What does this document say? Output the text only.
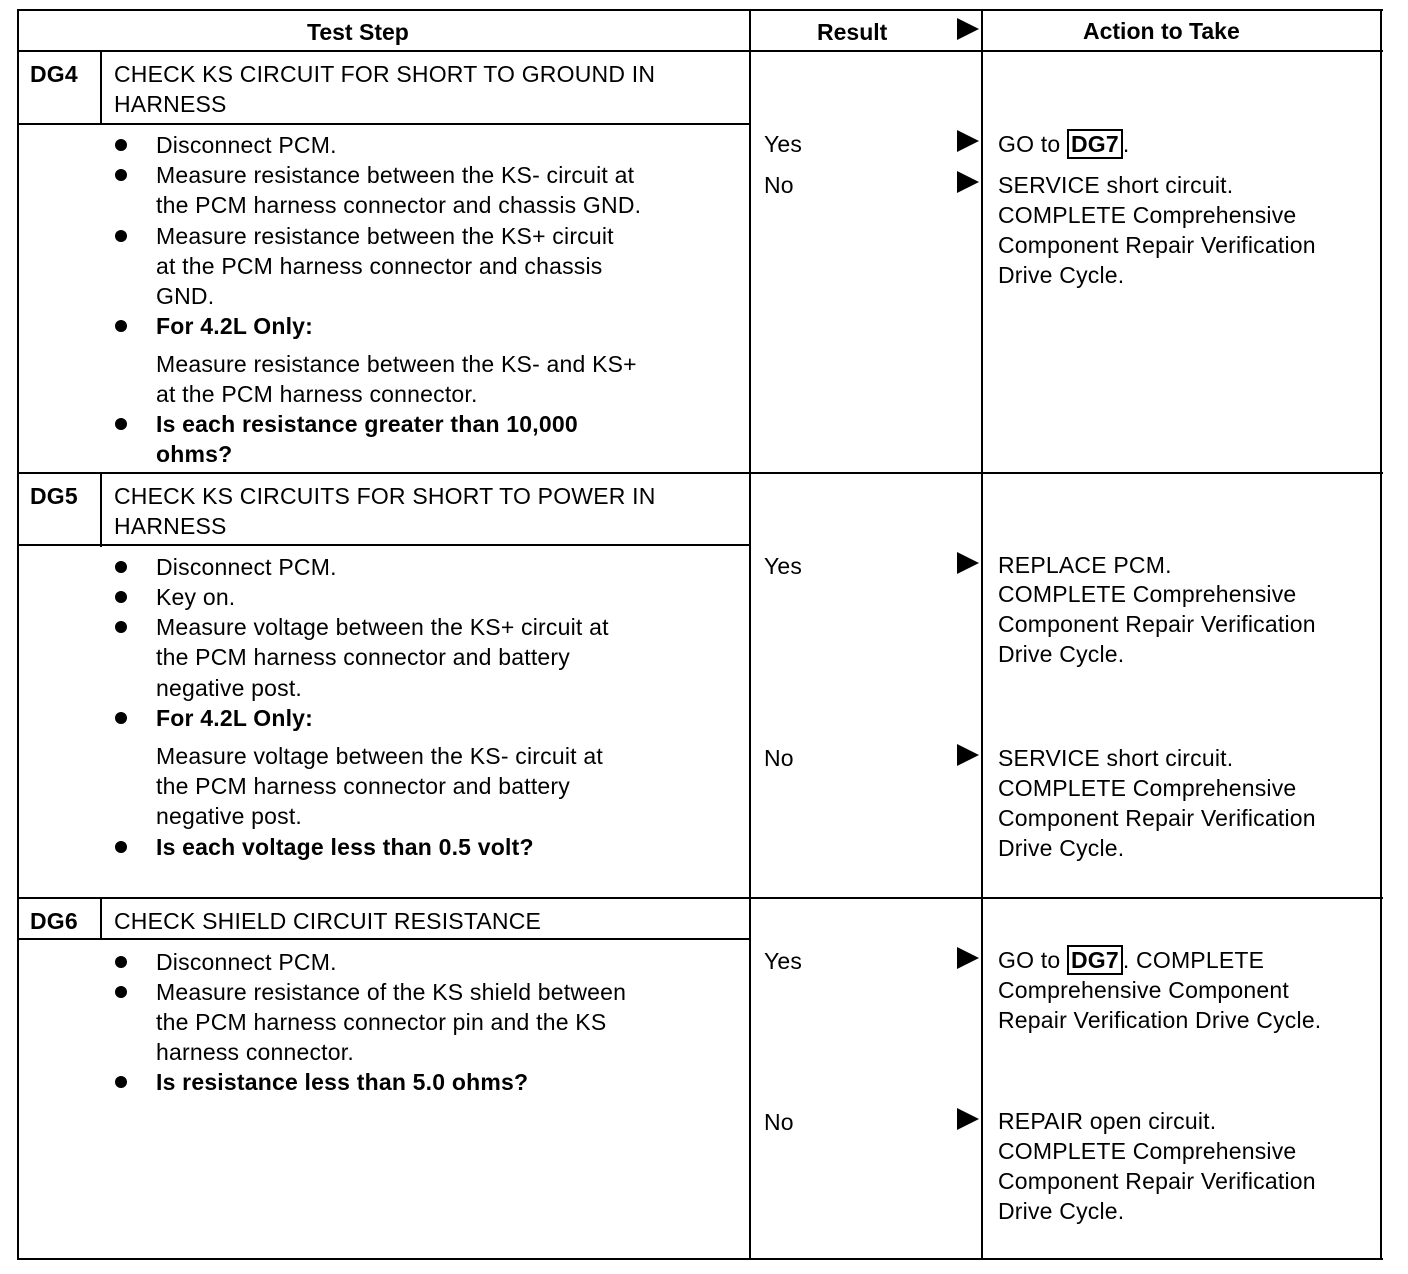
Test Step	Result	Action to Take
DG4 CHECK KS CIRCUIT FOR SHORT TO GROUND IN
HARNESS
Disconnect PCM.
Measure resistance between the KS- circuit at
the PCM harness connector and chassis GND.
Measure resistance between the KS+ circuit
at the PCM harness connector and chassis
GND.
For 4.2L Only:
Measure resistance between the KS- and KS+
at the PCM harness connector.
Is each resistance greater than 10,000
ohms?
Yes
No
GO to DG7 .
SERVICE short circuit.
COMPLETE Comprehensive
Component Repair Verification
Drive Cycle.
DG5 CHECK KS CIRCUITS FOR SHORT TO POWER IN
HARNESS
Disconnect PCM.
Key on.
Measure voltage between the KS+ circuit at
the PCM harness connector and battery
negative post.
For 4.2L Only:
Measure voltage between the KS- circuit at
the PCM harness connector and battery
negative post.
Is each voltage less than 0.5 volt?
Yes
No
REPLACE PCM.
COMPLETE Comprehensive
Component Repair Verification
Drive Cycle.
SERVICE short circuit.
COMPLETE Comprehensive
Component Repair Verification
Drive Cycle.
DG6 CHECK SHIELD CIRCUIT RESISTANCE
Disconnect PCM.
Measure resistance of the KS shield between
the PCM harness connector pin and the KS
harness connector.
Is resistance less than 5.0 ohms?
Yes
No
GO to DG7 . COMPLETE
Comprehensive Component
Repair Verification Drive Cycle.
REPAIR open circuit.
COMPLETE Comprehensive
Component Repair Verification
Drive Cycle.
